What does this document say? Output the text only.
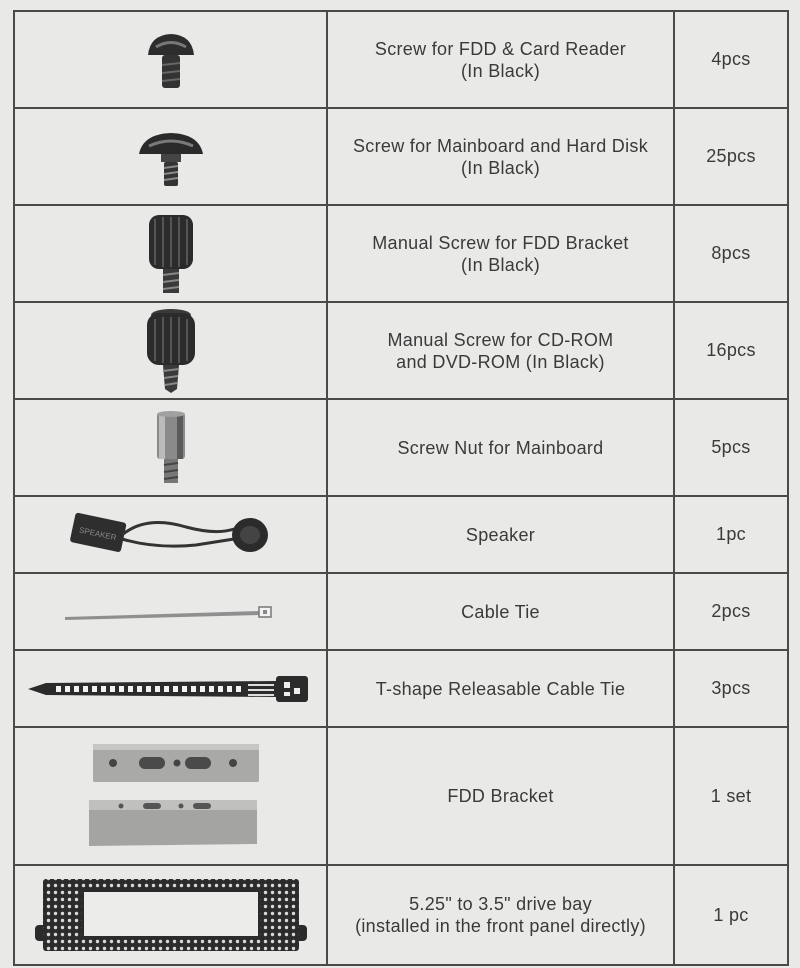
Screw for FDD & Card Reader
(In Black)	4pcs

Screw for Mainboard and Hard Disk
(In Black)	25pcs

Manual Screw for FDD Bracket
(In Black)	8pcs

Manual Screw for CD-ROM
and DVD-ROM (In Black)	16pcs

Screw Nut for Mainboard	5pcs

SPEAKER	Speaker	1pc

Cable Tie	2pcs

T-shape Releasable Cable Tie	3pcs

FDD Bracket	1 set

5.25" to 3.5" drive bay
(installed in the front panel directly)	1 pc
